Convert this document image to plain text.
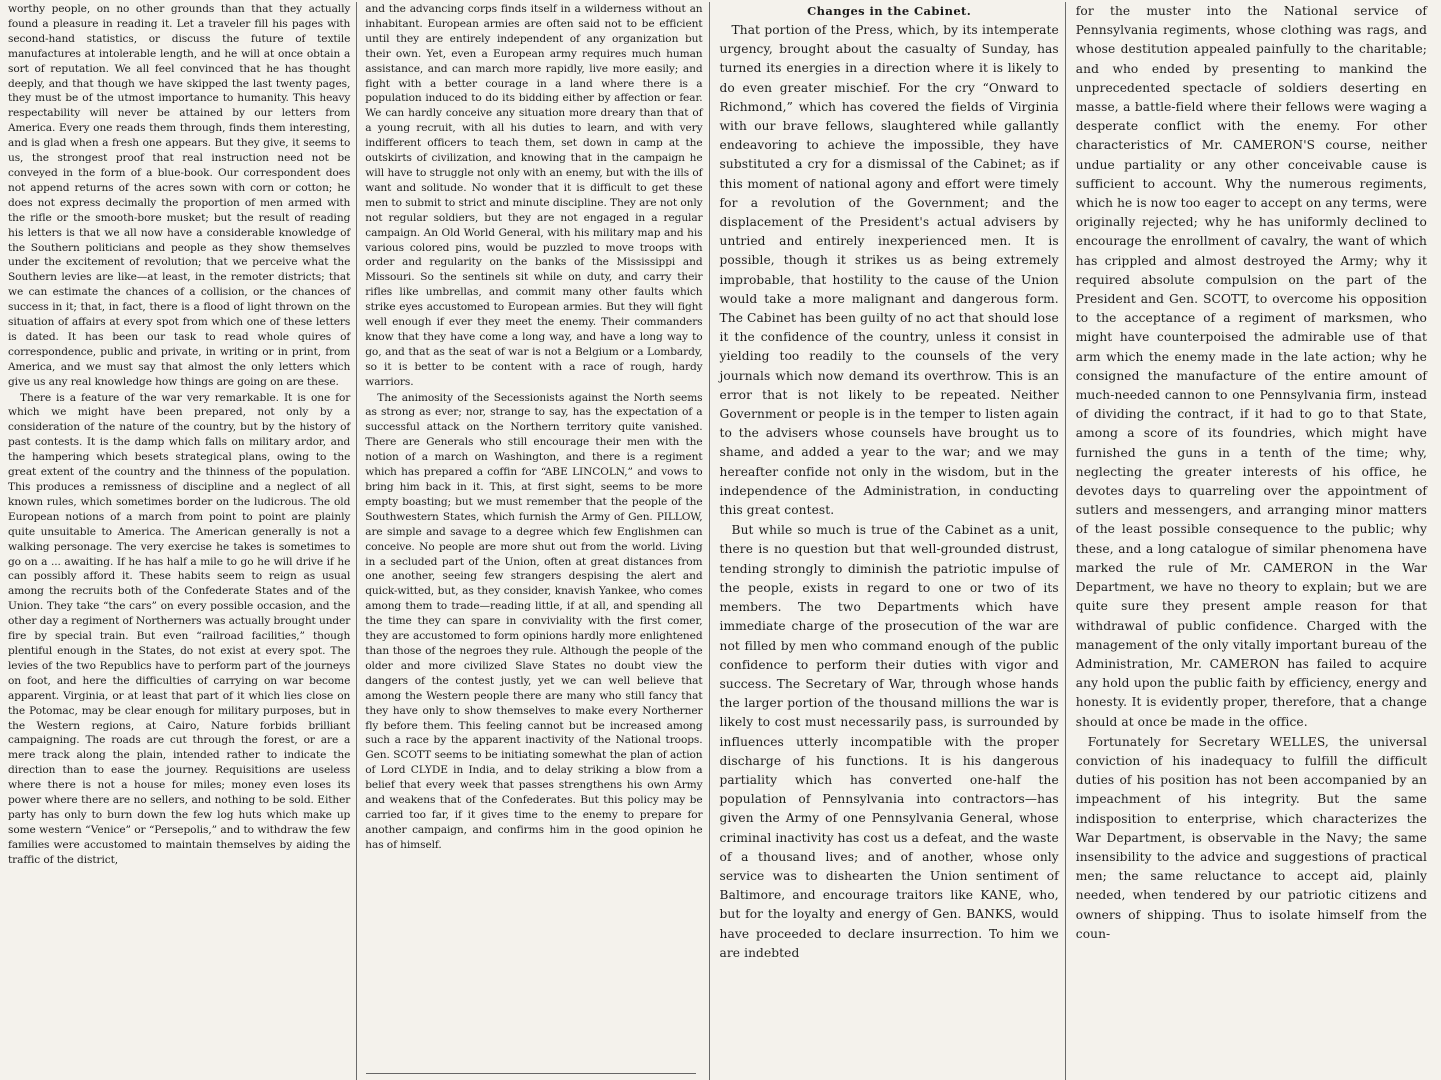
worthy people, on no other grounds than that they actually found a pleasure in reading it. Let a traveler fill his pages with second-hand statistics, or discuss the future of textile manufactures at intolerable length, and he will at once obtain a sort of reputation. We all feel convinced that he has thought deeply, and that though we have skipped the last twenty pages, they must be of the utmost importance to humanity. This heavy respectability will never be attained by our letters from America. Every one reads them through, finds them interesting, and is glad when a fresh one appears. But they give, it seems to us, the strongest proof that real instruction need not be conveyed in the form of a blue-book. Our correspondent does not append returns of the acres sown with corn or cotton; he does not express decimally the proportion of men armed with the rifle or the smooth-bore musket; but the result of reading his letters is that we all now have a considerable knowledge of the Southern politicians and people as they show themselves under the excitement of revolution; that we perceive what the Southern levies are like—at least, in the remoter districts; that we can estimate the chances of a collision, or the chances of success in it; that, in fact, there is a flood of light thrown on the situation of affairs at every spot from which one of these letters is dated. It has been our task to read whole quires of correspondence, public and private, in writing or in print, from America, and we must say that almost the only letters which give us any real knowledge how things are going on are these.

There is a feature of the war very remarkable. It is one for which we might have been prepared, not only by a consideration of the nature of the country, but by the history of past contests. It is the damp which falls on military ardor, and the hampering which besets strategical plans, owing to the great extent of the country and the thinness of the population. This produces a remissness of discipline and a neglect of all known rules, which sometimes border on the ludicrous. The old European notions of a march from point to point are plainly quite unsuitable to America. The American generally is not a walking personage. The very exercise he takes is sometimes to go on a ... awaiting. If he has half a mile to go he will drive if he can possibly afford it. These habits seem to reign as usual among the recruits both of the Confederate States and of the Union. They take “the cars” on every possible occasion, and the other day a regiment of Northerners was actually brought under fire by special train. But even “railroad facilities,” though plentiful enough in the States, do not exist at every spot. The levies of the two Republics have to perform part of the journeys on foot, and here the difficulties of carrying on war become apparent. Virginia, or at least that part of it which lies close on the Potomac, may be clear enough for military purposes, but in the Western regions, at Cairo, Nature forbids brilliant campaigning. The roads are cut through the forest, or are a mere track along the plain, intended rather to indicate the direction than to ease the journey. Requisitions are useless where there is not a house for miles; money even loses its power where there are no sellers, and nothing to be sold. Either party has only to burn down the few log huts which make up some western “Venice” or “Persepolis,” and to withdraw the few families were accustomed to maintain themselves by aiding the traffic of the district,

and the advancing corps finds itself in a wilderness without an inhabitant. European armies are often said not to be efficient until they are entirely independent of any organization but their own. Yet, even a European army requires much human assistance, and can march more rapidly, live more easily; and fight with a better courage in a land where there is a population induced to do its bidding either by affection or fear. We can hardly conceive any situation more dreary than that of a young recruit, with all his duties to learn, and with very indifferent officers to teach them, set down in camp at the outskirts of civilization, and knowing that in the campaign he will have to struggle not only with an enemy, but with the ills of want and solitude. No wonder that it is difficult to get these men to submit to strict and minute discipline. They are not only not regular soldiers, but they are not engaged in a regular campaign. An Old World General, with his military map and his various colored pins, would be puzzled to move troops with order and regularity on the banks of the Mississippi and Missouri. So the sentinels sit while on duty, and carry their rifles like umbrellas, and commit many other faults which strike eyes accustomed to European armies. But they will fight well enough if ever they meet the enemy. Their commanders know that they have come a long way, and have a long way to go, and that as the seat of war is not a Belgium or a Lombardy, so it is better to be content with a race of rough, hardy warriors.

The animosity of the Secessionists against the North seems as strong as ever; nor, strange to say, has the expectation of a successful attack on the Northern territory quite vanished. There are Generals who still encourage their men with the notion of a march on Washington, and there is a regiment which has prepared a coffin for “ABE LINCOLN,” and vows to bring him back in it. This, at first sight, seems to be more empty boasting; but we must remember that the people of the Southwestern States, which furnish the Army of Gen. PILLOW, are simple and savage to a degree which few Englishmen can conceive. No people are more shut out from the world. Living in a secluded part of the Union, often at great distances from one another, seeing few strangers despising the alert and quick-witted, but, as they consider, knavish Yankee, who comes among them to trade—reading little, if at all, and spending all the time they can spare in conviviality with the first comer, they are accustomed to form opinions hardly more enlightened than those of the negroes they rule. Although the people of the older and more civilized Slave States no doubt view the dangers of the contest justly, yet we can well believe that among the Western people there are many who still fancy that they have only to show themselves to make every Northerner fly before them. This feeling cannot but be increased among such a race by the apparent inactivity of the National troops. Gen. SCOTT seems to be initiating somewhat the plan of action of Lord CLYDE in India, and to delay striking a blow from a belief that every week that passes strengthens his own Army and weakens that of the Confederates. But this policy may be carried too far, if it gives time to the enemy to prepare for another campaign, and confirms him in the good opinion he has of himself.

Changes in the Cabinet.

That portion of the Press, which, by its intemperate urgency, brought about the casualty of Sunday, has turned its energies in a direction where it is likely to do even greater mischief. For the cry “Onward to Richmond,” which has covered the fields of Virginia with our brave fellows, slaughtered while gallantly endeavoring to achieve the impossible, they have substituted a cry for a dismissal of the Cabinet; as if this moment of national agony and effort were timely for a revolution of the Government; and the displacement of the President's actual advisers by untried and entirely inexperienced men. It is possible, though it strikes us as being extremely improbable, that hostility to the cause of the Union would take a more malignant and dangerous form. The Cabinet has been guilty of no act that should lose it the confidence of the country, unless it consist in yielding too readily to the counsels of the very journals which now demand its overthrow. This is an error that is not likely to be repeated. Neither Government or people is in the temper to listen again to the advisers whose counsels have brought us to shame, and added a year to the war; and we may hereafter confide not only in the wisdom, but in the independence of the Administration, in conducting this great contest.

But while so much is true of the Cabinet as a unit, there is no question but that well-grounded distrust, tending strongly to diminish the patriotic impulse of the people, exists in regard to one or two of its members. The two Departments which have immediate charge of the prosecution of the war are not filled by men who command enough of the public confidence to perform their duties with vigor and success. The Secretary of War, through whose hands the larger portion of the thousand millions the war is likely to cost must necessarily pass, is surrounded by influences utterly incompatible with the proper discharge of his functions. It is his dangerous partiality which has converted one-half the population of Pennsylvania into contractors—has given the Army of one Pennsylvania General, whose criminal inactivity has cost us a defeat, and the waste of a thousand lives; and of another, whose only service was to dishearten the Union sentiment of Baltimore, and encourage traitors like KANE, who, but for the loyalty and energy of Gen. BANKS, would have proceeded to declare insurrection. To him we are indebted

for the muster into the National service of Pennsylvania regiments, whose clothing was rags, and whose destitution appealed painfully to the charitable; and who ended by presenting to mankind the unprecedented spectacle of soldiers deserting en masse, a battle-field where their fellows were waging a desperate conflict with the enemy. For other characteristics of Mr. CAMERON'S course, neither undue partiality or any other conceivable cause is sufficient to account. Why the numerous regiments, which he is now too eager to accept on any terms, were originally rejected; why he has uniformly declined to encourage the enrollment of cavalry, the want of which has crippled and almost destroyed the Army; why it required absolute compulsion on the part of the President and Gen. SCOTT, to overcome his opposition to the acceptance of a regiment of marksmen, who might have counterpoised the admirable use of that arm which the enemy made in the late action; why he consigned the manufacture of the entire amount of much-needed cannon to one Pennsylvania firm, instead of dividing the contract, if it had to go to that State, among a score of its foundries, which might have furnished the guns in a tenth of the time; why, neglecting the greater interests of his office, he devotes days to quarreling over the appointment of sutlers and messengers, and arranging minor matters of the least possible consequence to the public; why these, and a long catalogue of similar phenomena have marked the rule of Mr. CAMERON in the War Department, we have no theory to explain; but we are quite sure they present ample reason for that withdrawal of public confidence. Charged with the management of the only vitally important bureau of the Administration, Mr. CAMERON has failed to acquire any hold upon the public faith by efficiency, energy and honesty. It is evidently proper, therefore, that a change should at once be made in the office.

Fortunately for Secretary WELLES, the universal conviction of his inadequacy to fulfill the difficult duties of his position has not been accompanied by an impeachment of his integrity. But the same indisposition to enterprise, which characterizes the War Department, is observable in the Navy; the same insensibility to the advice and suggestions of practical men; the same reluctance to accept aid, plainly needed, when tendered by our patriotic citizens and owners of shipping. Thus to isolate himself from the coun-
